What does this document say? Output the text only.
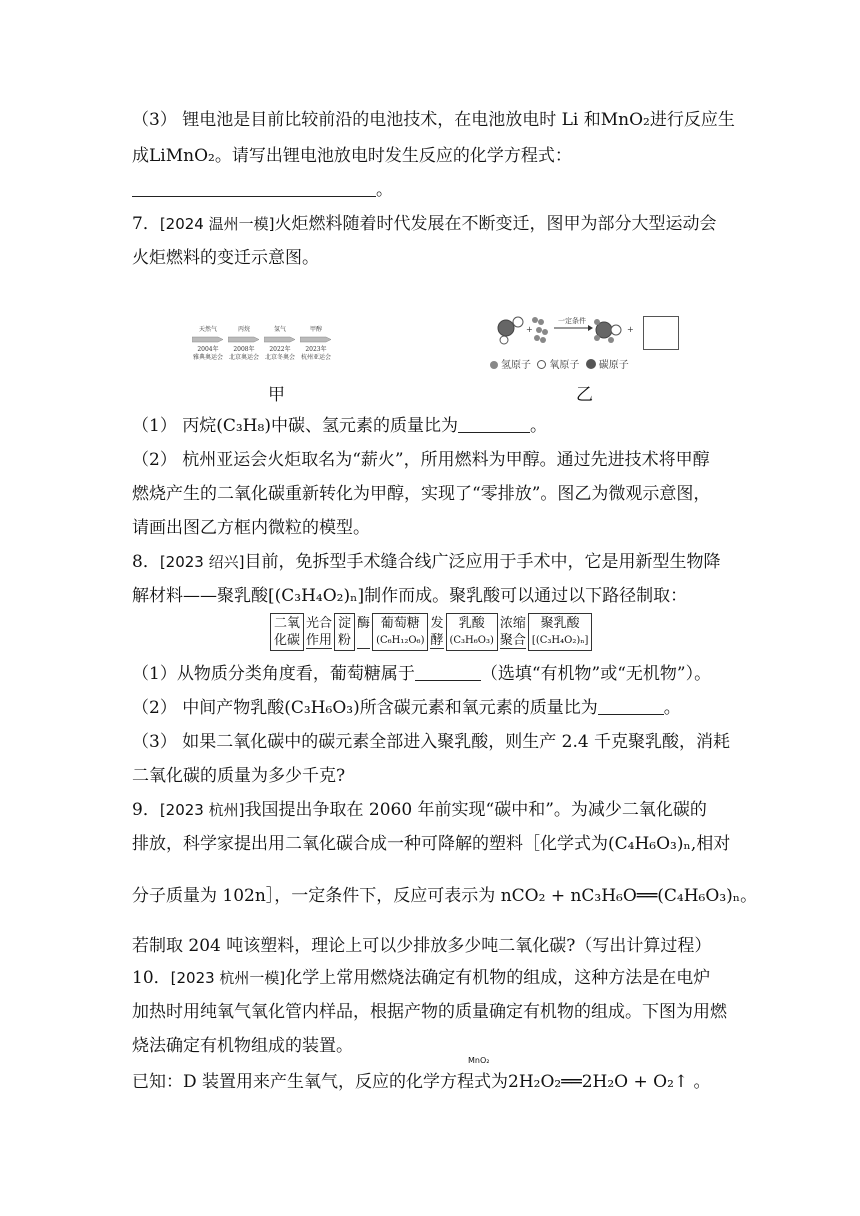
（3） 锂电池是目前比较前沿的电池技术，在电池放电时 Li 和MnO₂进行反应生
成LiMnO₂。请写出锂电池放电时发生反应的化学方程式：
。
7．[2024 温州一模]火炬燃料随着时代发展在不断变迁，图甲为部分大型运动会
火炬燃料的变迁示意图。
天然气
2004年
雅典奥运会
丙烷
2008年
北京奥运会
氢气
2022年
北京冬奥会
甲醇
2023年
杭州亚运会
甲
+
一定条件
+
氢原子 氧原子 碳原子
乙
（1） 丙烷(C₃H₈)中碳、氢元素的质量比为	。
（2） 杭州亚运会火炬取名为“薪火”，所用燃料为甲醇。通过先进技术将甲醇
燃烧产生的二氧化碳重新转化为甲醇，实现了“零排放”。图乙为微观示意图，
请画出图乙方框内微粒的模型。
8．[2023 绍兴]目前，免拆型手术缝合线广泛应用于手术中，它是用新型生物降
解材料——聚乳酸[(C₃H₄O₂)ₙ]制作而成。聚乳酸可以通过以下路径制取：
二氧
化碳
光合
作用
淀
粉
酶
葡萄糖
(C₆H₁₂O₆)
发
酵
乳酸
(C₃H₆O₃)
浓缩
聚合
聚乳酸
[(C₃H₄O₂)ₙ]
（1）从物质分类角度看，葡萄糖属于	（选填“有机物”或“无机物”）。
（2） 中间产物乳酸(C₃H₆O₃)所含碳元素和氧元素的质量比为	。
（3） 如果二氧化碳中的碳元素全部进入聚乳酸，则生产 2.4 千克聚乳酸，消耗
二氧化碳的质量为多少千克?
9．[2023 杭州]我国提出争取在 2060 年前实现“碳中和”。为减少二氧化碳的
排放，科学家提出用二氧化碳合成一种可降解的塑料［化学式为(C₄H₆O₃)ₙ,相对
分子质量为 102n］，一定条件下，反应可表示为 nCO₂ + nC₃H₆O══(C₄H₆O₃)ₙ。
若制取 204 吨该塑料，理论上可以少排放多少吨二氧化碳?（写出计算过程）
10．[2023 杭州一模]化学上常用燃烧法确定有机物的组成，这种方法是在电炉
加热时用纯氧气氧化管内样品，根据产物的质量确定有机物的组成。下图为用燃
烧法确定有机物组成的装置。
MnO₂
已知：D 装置用来产生氧气，反应的化学方程式为2H₂O₂══2H₂O + O₂↑ 。
